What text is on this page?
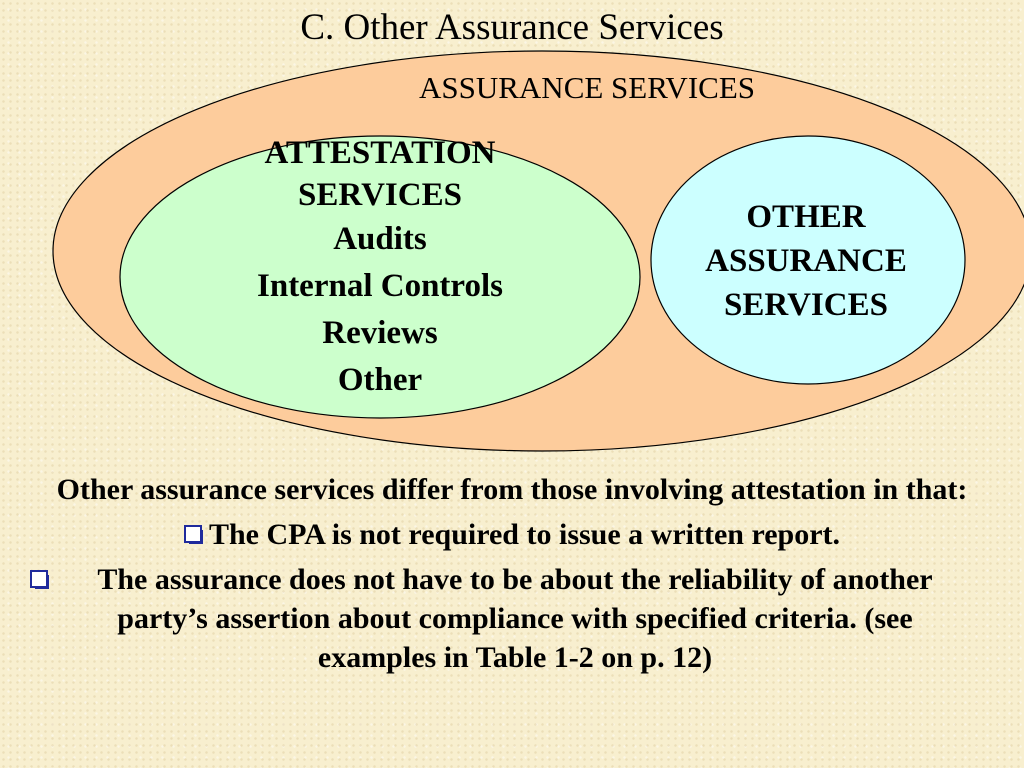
C. Other Assurance Services
ASSURANCE SERVICES
ATTESTATION
SERVICES
Audits
Internal Controls
Reviews
Other
OTHER
ASSURANCE
SERVICES
Other assurance services differ from those involving attestation in that:
The CPA is not required to issue a written report.
The assurance does not have to be about the reliability of another party’s assertion about compliance with specified criteria. (see examples in Table 1-2 on p. 12)
